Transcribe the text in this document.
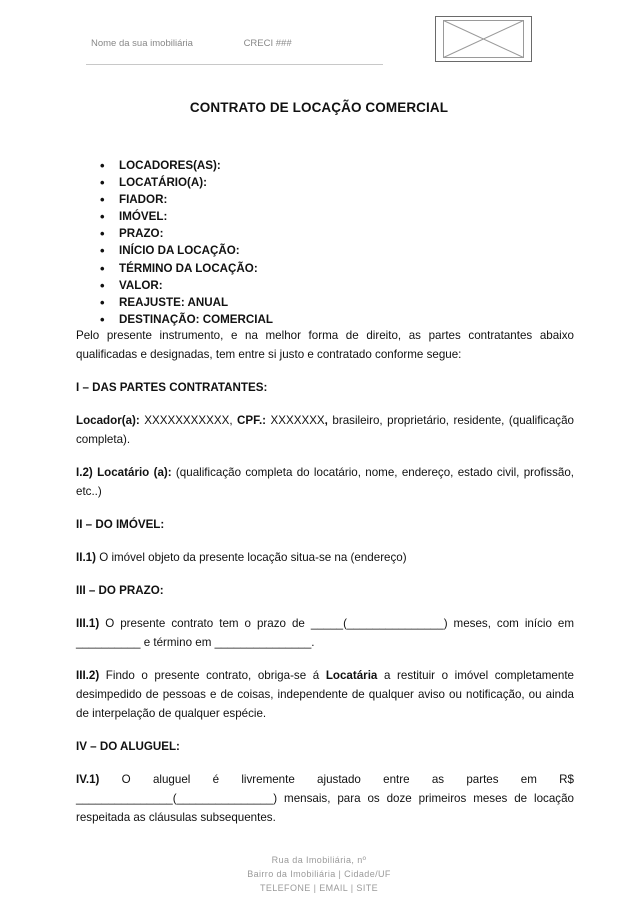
Nome da sua imobiliária	CRECI ###
CONTRATO DE LOCAÇÃO COMERCIAL
• LOCADORES(AS):
• LOCATÁRIO(A):
• FIADOR:
• IMÓVEL:
• PRAZO:
• INÍCIO DA LOCAÇÃO:
• TÉRMINO DA LOCAÇÃO:
• VALOR:
• REAJUSTE: ANUAL
• DESTINAÇÃO: COMERCIAL

Pelo presente instrumento, e na melhor forma de direito, as partes contratantes abaixo qualificadas e designadas, tem entre si justo e contratado conforme segue:

I – DAS PARTES CONTRATANTES:

Locador(a): XXXXXXXXXXX, CPF.: XXXXXXX, brasileiro, proprietário, residente, (qualificação completa).

I.2) Locatário (a): (qualificação completa do locatário, nome, endereço, estado civil, profissão, etc..)

II – DO IMÓVEL:

II.1) O imóvel objeto da presente locação situa-se na (endereço)

III – DO PRAZO:

III.1) O presente contrato tem o prazo de _____(_______________) meses, com início em __________ e término em _______________.

III.2) Findo o presente contrato, obriga-se á Locatária a restituir o imóvel completamente desimpedido de pessoas e de coisas, independente de qualquer aviso ou notificação, ou ainda de interpelação de qualquer espécie.

IV – DO ALUGUEL:

IV.1) O aluguel é livremente ajustado entre as partes em R$ _______________(_______________) mensais, para os doze primeiros meses de locação respeitada as cláusulas subsequentes.

Rua da Imobiliária, nº
Bairro da Imobiliária | Cidade/UF
TELEFONE | EMAIL | SITE
